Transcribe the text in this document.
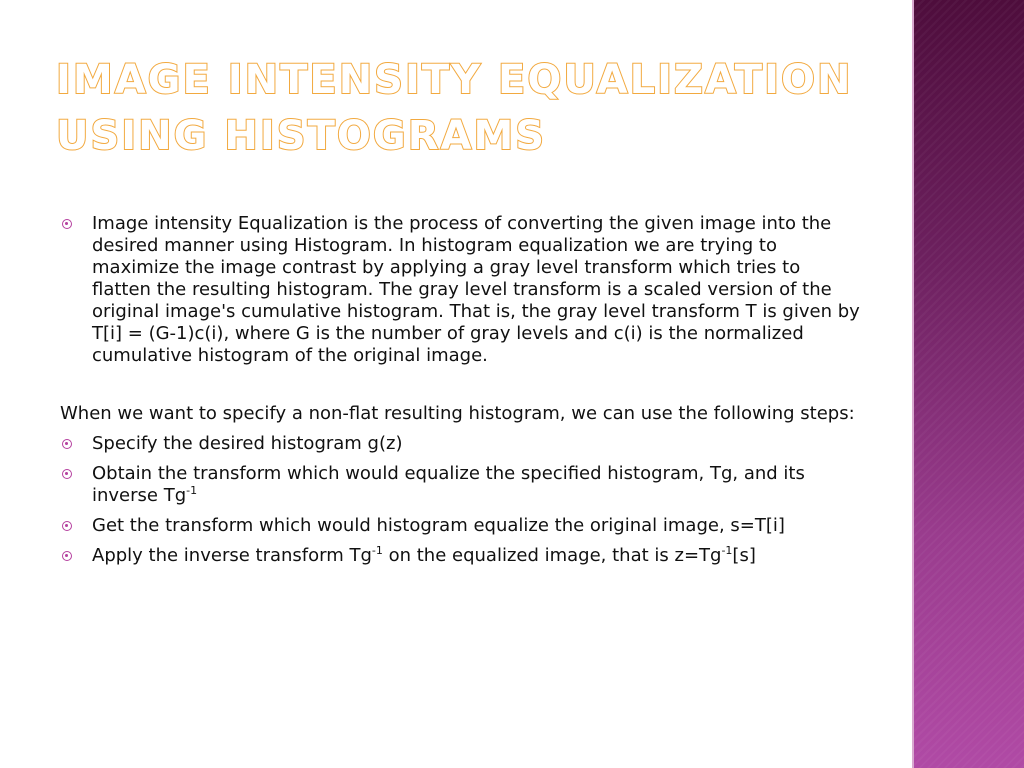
IMAGE INTENSITY EQUALIZATION USING HISTOGRAMS
Image intensity Equalization is the process of converting the given image into the desired manner using Histogram. In histogram equalization we are trying to maximize the image contrast by applying a gray level transform which tries to flatten the resulting histogram. The gray level transform is a scaled version of the original image's cumulative histogram. That is, the gray level transform T is given by T[i] = (G-1)c(i), where G is the number of gray levels and c(i) is the normalized cumulative histogram of the original image.

When we want to specify a non-flat resulting histogram, we can use the following steps:

Specify the desired histogram g(z)
Obtain the transform which would equalize the specified histogram, Tg, and its inverse $Tg^{-1}$
Get the transform which would histogram equalize the original image, s=T[i]
Apply the inverse transform $Tg^{-1}$ on the equalized image, that is $z=Tg^{-1}[s]$
